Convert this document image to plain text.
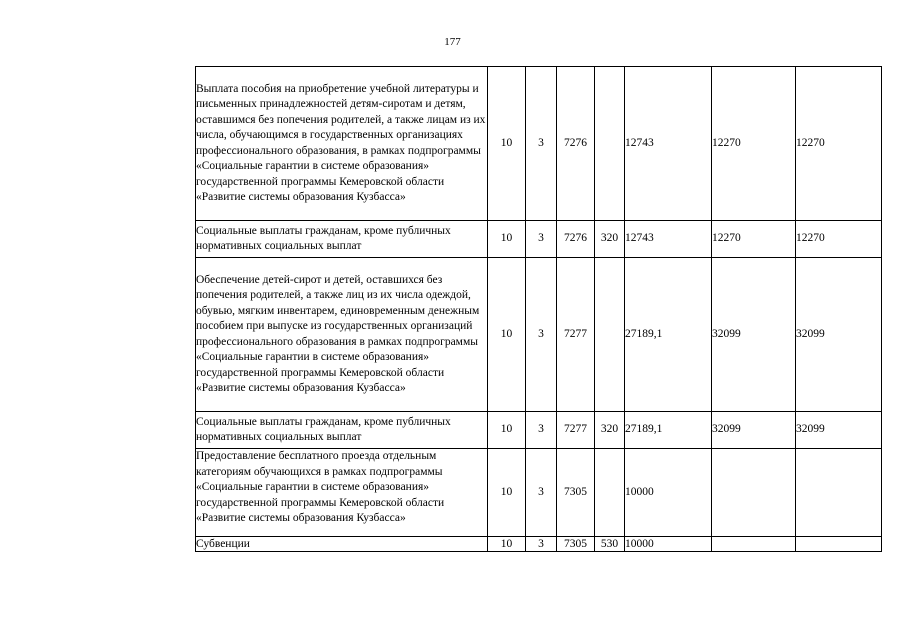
177
Выплата пособия на приобретение учебной литературы и письменных принадлежностей детям-сиротам и детям, оставшимся без попечения родителей, а также лицам из их числа, обучающимся в государственных организациях профессионального образования, в рамках подпрограммы «Социальные гарантии в системе образования» государственной программы Кемеровской области «Развитие системы образования Кузбасса»	10	3	7276		12743	12270	12270
Социальные выплаты гражданам, кроме публичных нормативных социальных выплат	10	3	7276	320	12743	12270	12270
Обеспечение детей-сирот и детей, оставшихся без попечения родителей, а также лиц из их числа одеждой, обувью, мягким инвентарем, единовременным денежным пособием при выпуске из государственных организаций профессионального образования в рамках подпрограммы «Социальные гарантии в системе образования» государственной программы Кемеровской области «Развитие системы образования Кузбасса»	10	3	7277		27189,1	32099	32099
Социальные выплаты гражданам, кроме публичных нормативных социальных выплат	10	3	7277	320	27189,1	32099	32099
Предоставление бесплатного проезда отдельным категориям обучающихся в рамках подпрограммы «Социальные гарантии в системе образования» государственной программы Кемеровской области «Развитие системы образования Кузбасса»	10	3	7305		10000		
Субвенции	10	3	7305	530	10000		
